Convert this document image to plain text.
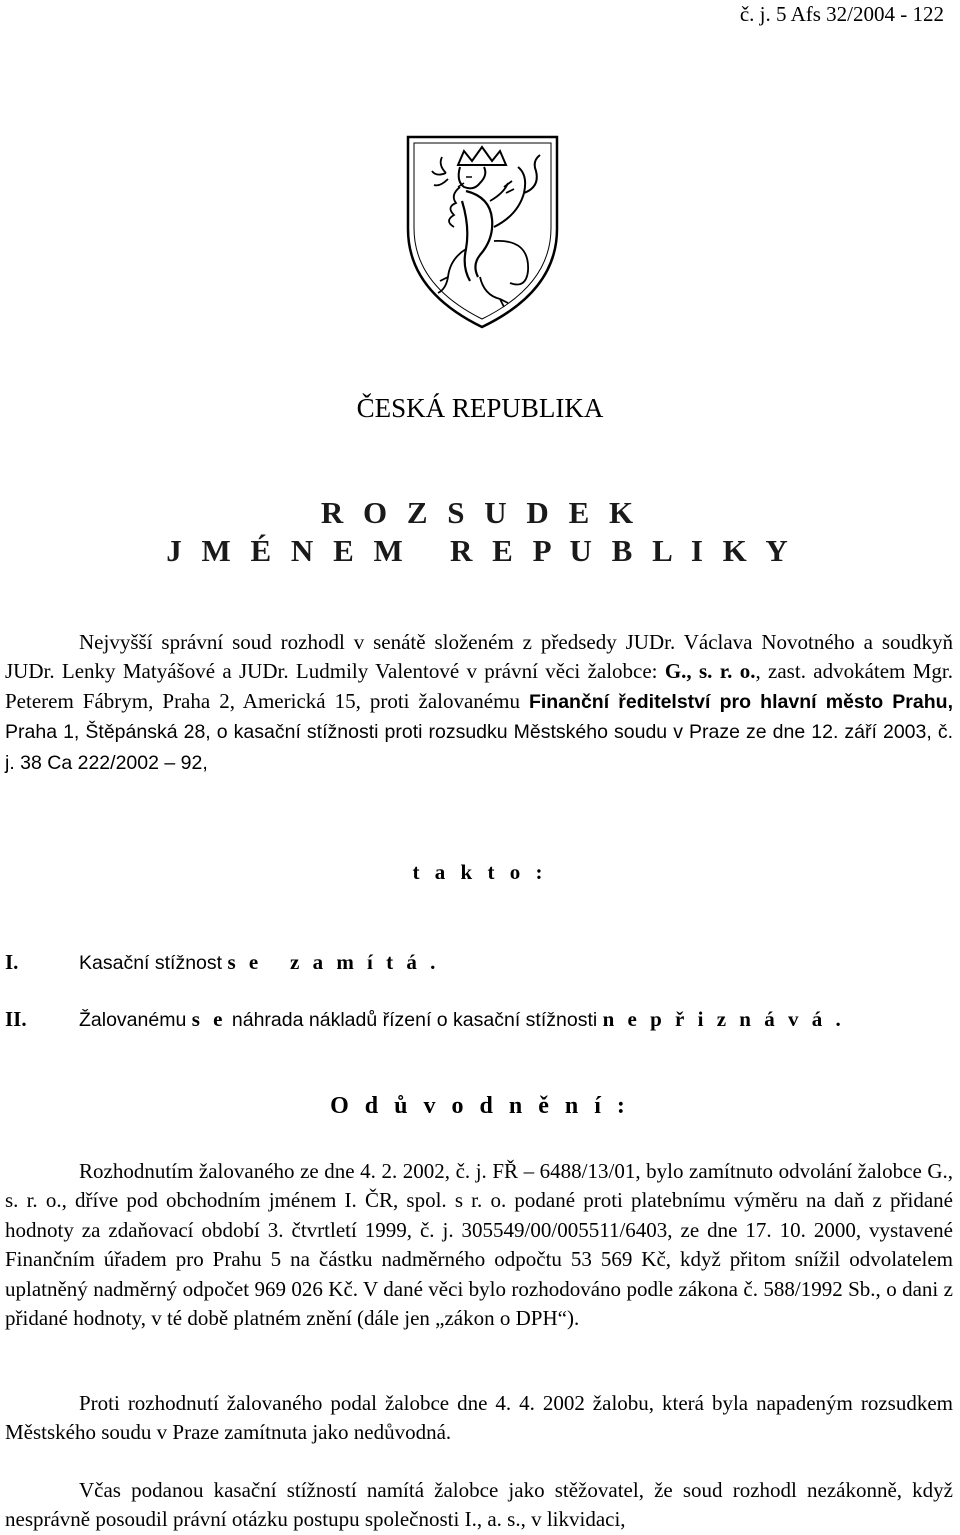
č. j. 5 Afs 32/2004 - 122
ČESKÁ REPUBLIKA
R O Z S U D E K
J M É N E M   R E P U B L I K Y
Nejvyšší správní soud rozhodl v senátě složeném z předsedy JUDr. Václava Novotného a soudkyň JUDr. Lenky Matyášové a JUDr. Ludmily Valentové v právní věci žalobce: G., s. r. o., zast. advokátem Mgr. Peterem Fábrym, Praha 2, Americká 15, proti žalovanému Finanční ředitelství pro hlavní město Prahu, Praha 1, Štěpánská 28, o kasační stížnosti proti rozsudku Městského soudu v Praze ze dne 12. září 2003, č. j. 38 Ca 222/2002 – 92,
t a k t o :
I.	Kasační stížnost s e   z a m í t á .
II.	Žalovanému s e náhrada nákladů řízení o kasační stížnosti n e p ř i z n á v á .
O d ů v o d n ě n í :
Rozhodnutím žalovaného ze dne 4. 2. 2002, č. j. FŘ – 6488/13/01, bylo zamítnuto odvolání žalobce G., s. r. o., dříve pod obchodním jménem I. ČR, spol. s r. o. podané proti platebnímu výměru na daň z přidané hodnoty za zdaňovací období 3. čtvrtletí 1999, č. j. 305549/00/005511/6403, ze dne 17. 10. 2000, vystavené Finančním úřadem pro Prahu 5 na částku nadměrného odpočtu 53 569 Kč, když přitom snížil odvolatelem uplatněný nadměrný odpočet 969 026 Kč. V dané věci bylo rozhodováno podle zákona č. 588/1992 Sb., o dani z přidané hodnoty, v té době platném znění (dále jen „zákon o DPH“).
Proti rozhodnutí žalovaného podal žalobce dne 4. 4. 2002 žalobu, která byla napadeným rozsudkem Městského soudu v Praze zamítnuta jako nedůvodná.
Včas podanou kasační stížností namítá žalobce jako stěžovatel, že soud rozhodl nezákonně, když nesprávně posoudil právní otázku postupu společnosti I., a. s., v likvidaci,
